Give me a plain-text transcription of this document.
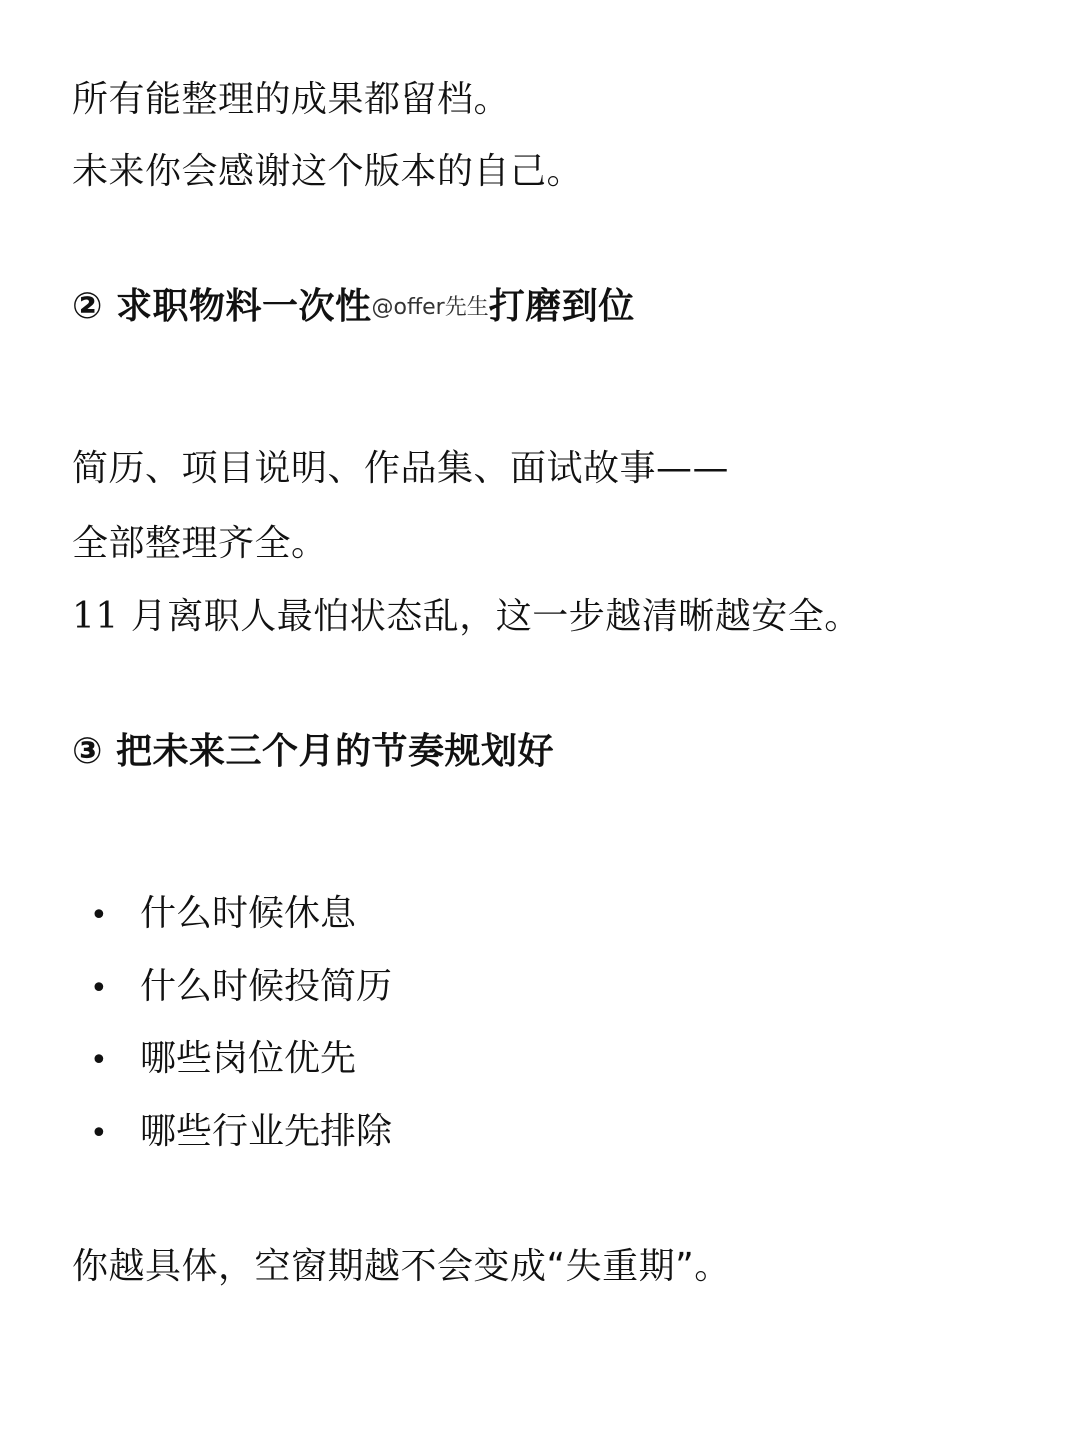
所有能整理的成果都留档。
未来你会感谢这个版本的自己。
② 求职物料一次性@offer先生打磨到位
简历、项目说明、作品集、面试故事——
全部整理齐全。
11 月离职人最怕状态乱，这一步越清晰越安全。
③ 把未来三个月的节奏规划好
• 什么时候休息
• 什么时候投简历
• 哪些岗位优先
• 哪些行业先排除
你越具体，空窗期越不会变成“失重期”。
